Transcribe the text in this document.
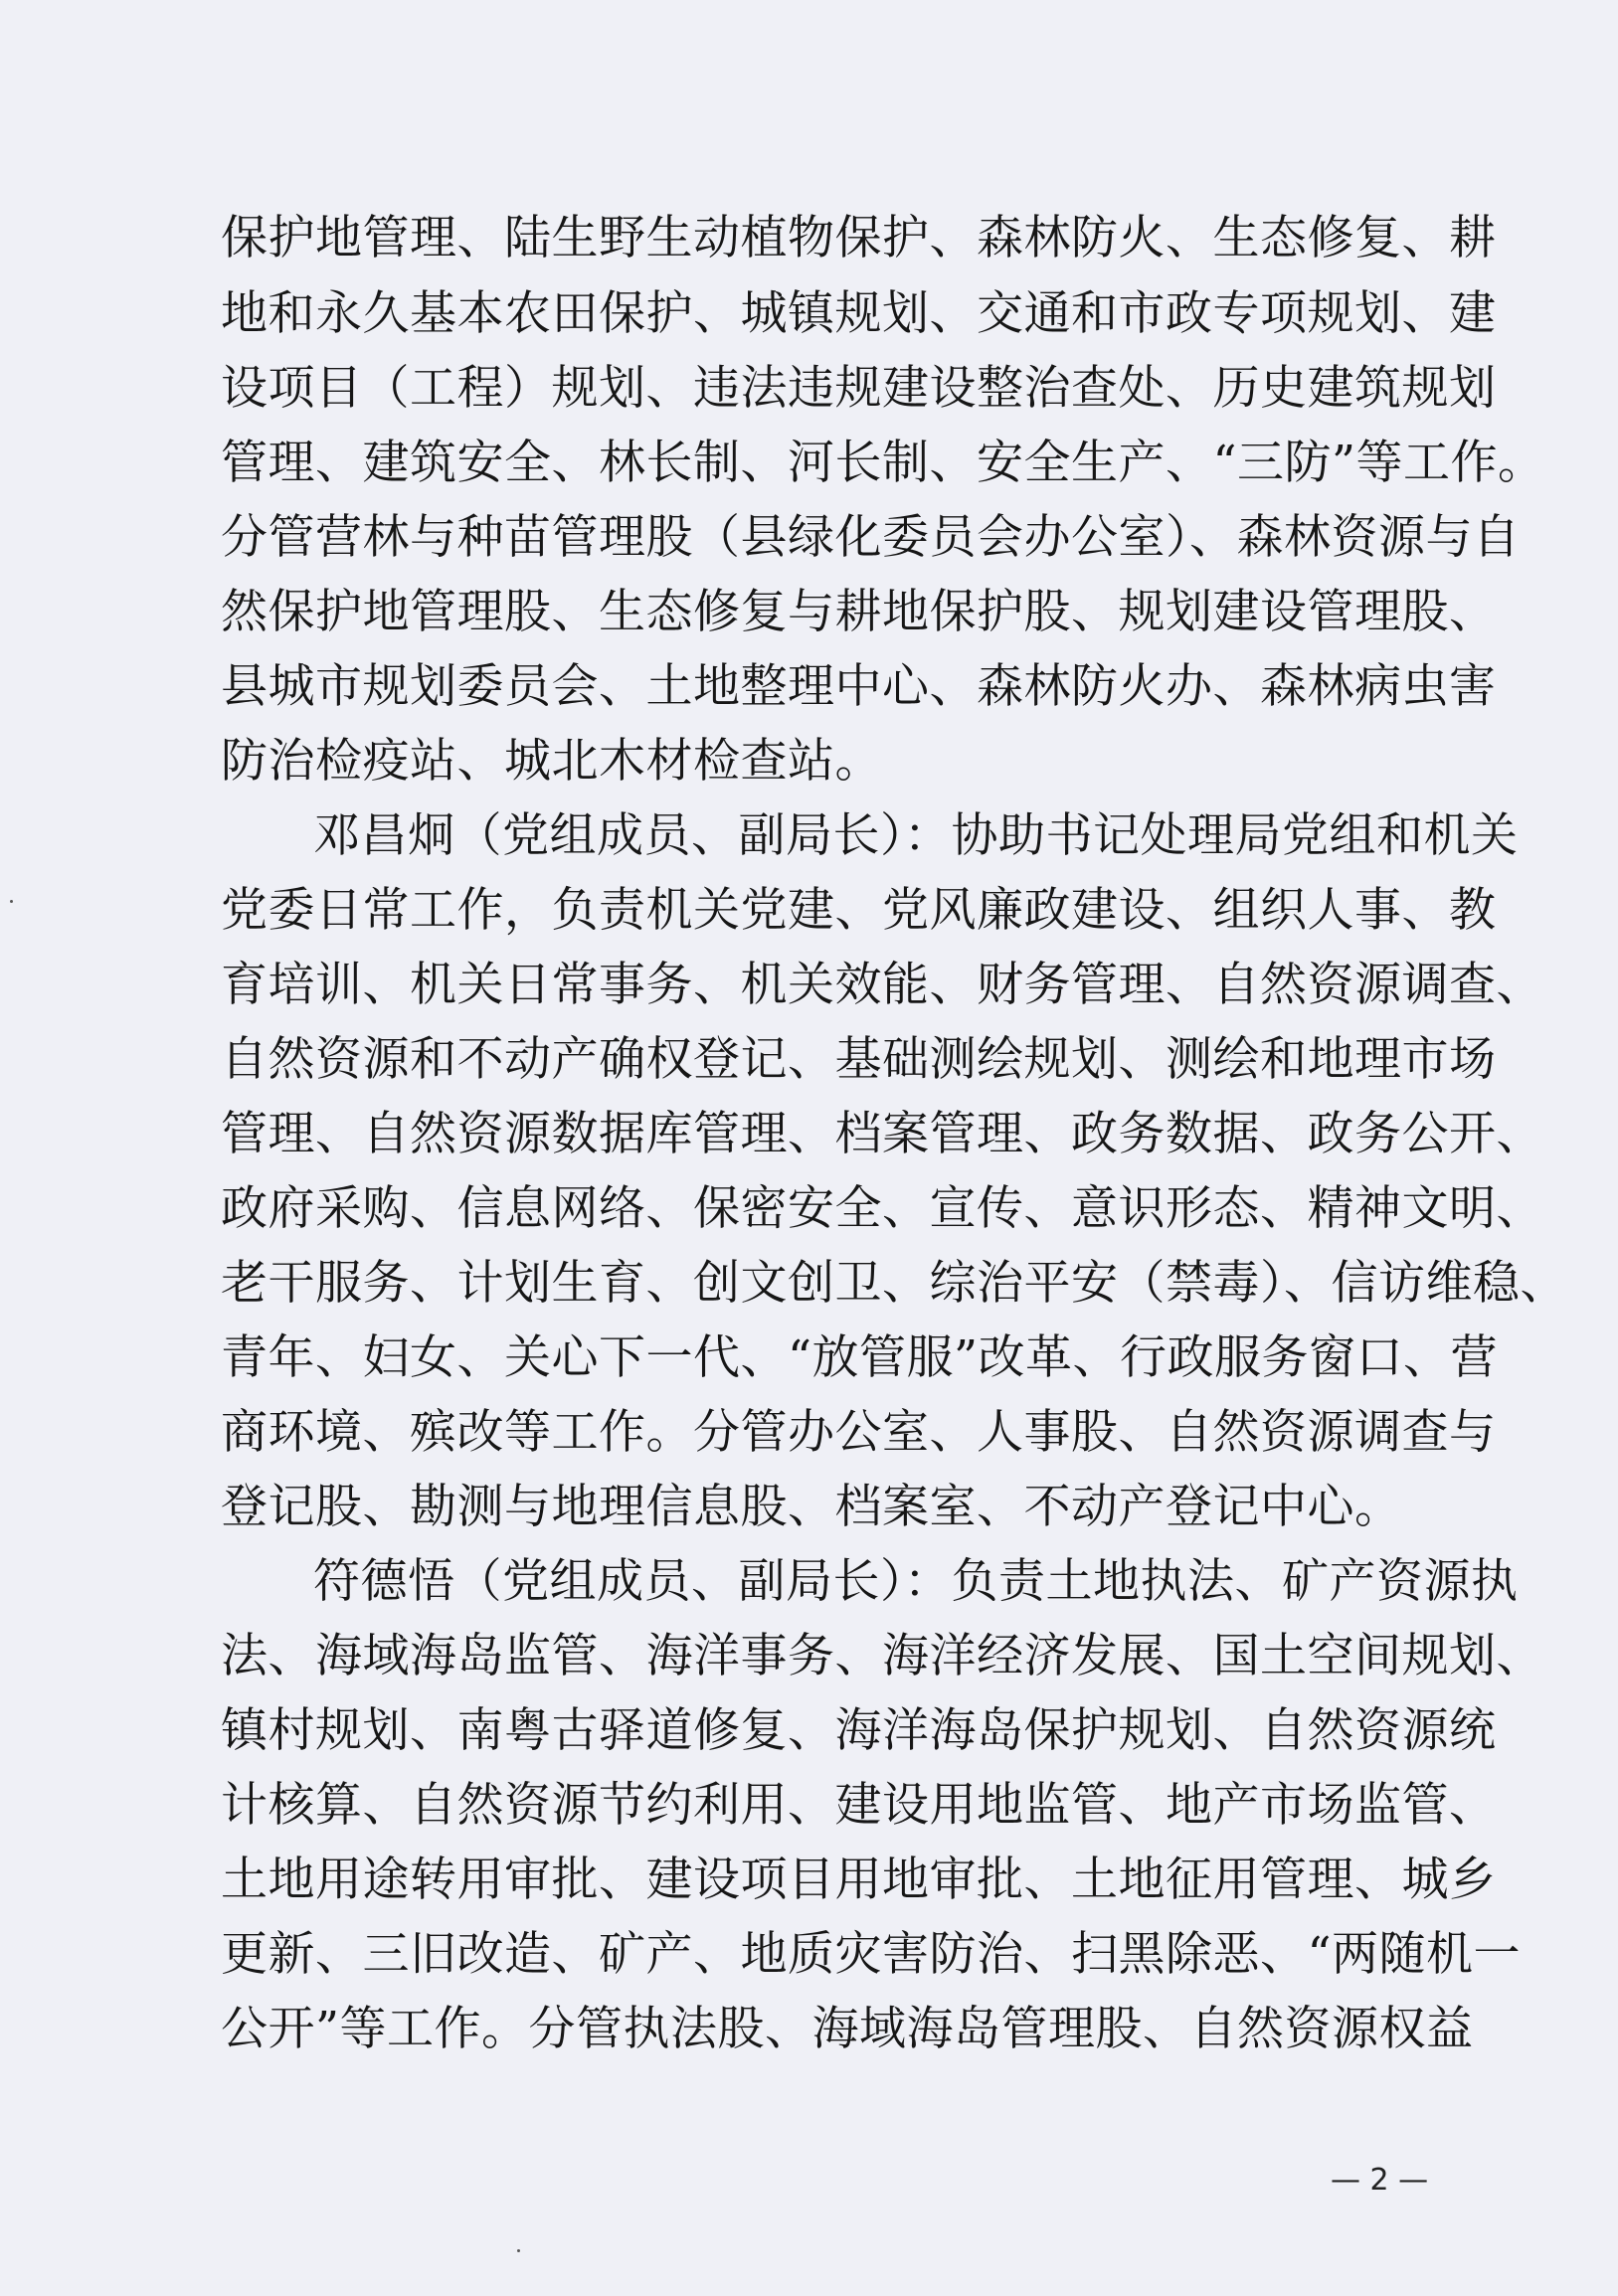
保护地管理、陆生野生动植物保护、森林防火、生态修复、耕
地和永久基本农田保护、城镇规划、交通和市政专项规划、建
设项目（工程）规划、违法违规建设整治查处、历史建筑规划
管理、建筑安全、林长制、河长制、安全生产、“三防”等工作。
分管营林与种苗管理股（县绿化委员会办公室）、森林资源与自
然保护地管理股、生态修复与耕地保护股、规划建设管理股、
县城市规划委员会、土地整理中心、森林防火办、森林病虫害
防治检疫站、城北木材检查站。
邓昌炯（党组成员、副局长）：协助书记处理局党组和机关
党委日常工作，负责机关党建、党风廉政建设、组织人事、教
育培训、机关日常事务、机关效能、财务管理、自然资源调查、
自然资源和不动产确权登记、基础测绘规划、测绘和地理市场
管理、自然资源数据库管理、档案管理、政务数据、政务公开、
政府采购、信息网络、保密安全、宣传、意识形态、精神文明、
老干服务、计划生育、创文创卫、综治平安（禁毒）、信访维稳、
青年、妇女、关心下一代、“放管服”改革、行政服务窗口、营
商环境、殡改等工作。分管办公室、人事股、自然资源调查与
登记股、勘测与地理信息股、档案室、不动产登记中心。
符德悟（党组成员、副局长）：负责土地执法、矿产资源执
法、海域海岛监管、海洋事务、海洋经济发展、国土空间规划、
镇村规划、南粤古驿道修复、海洋海岛保护规划、自然资源统
计核算、自然资源节约利用、建设用地监管、地产市场监管、
土地用途转用审批、建设项目用地审批、土地征用管理、城乡
更新、三旧改造、矿产、地质灾害防治、扫黑除恶、“两随机一
公开”等工作。分管执法股、海域海岛管理股、自然资源权益
— 2 —
